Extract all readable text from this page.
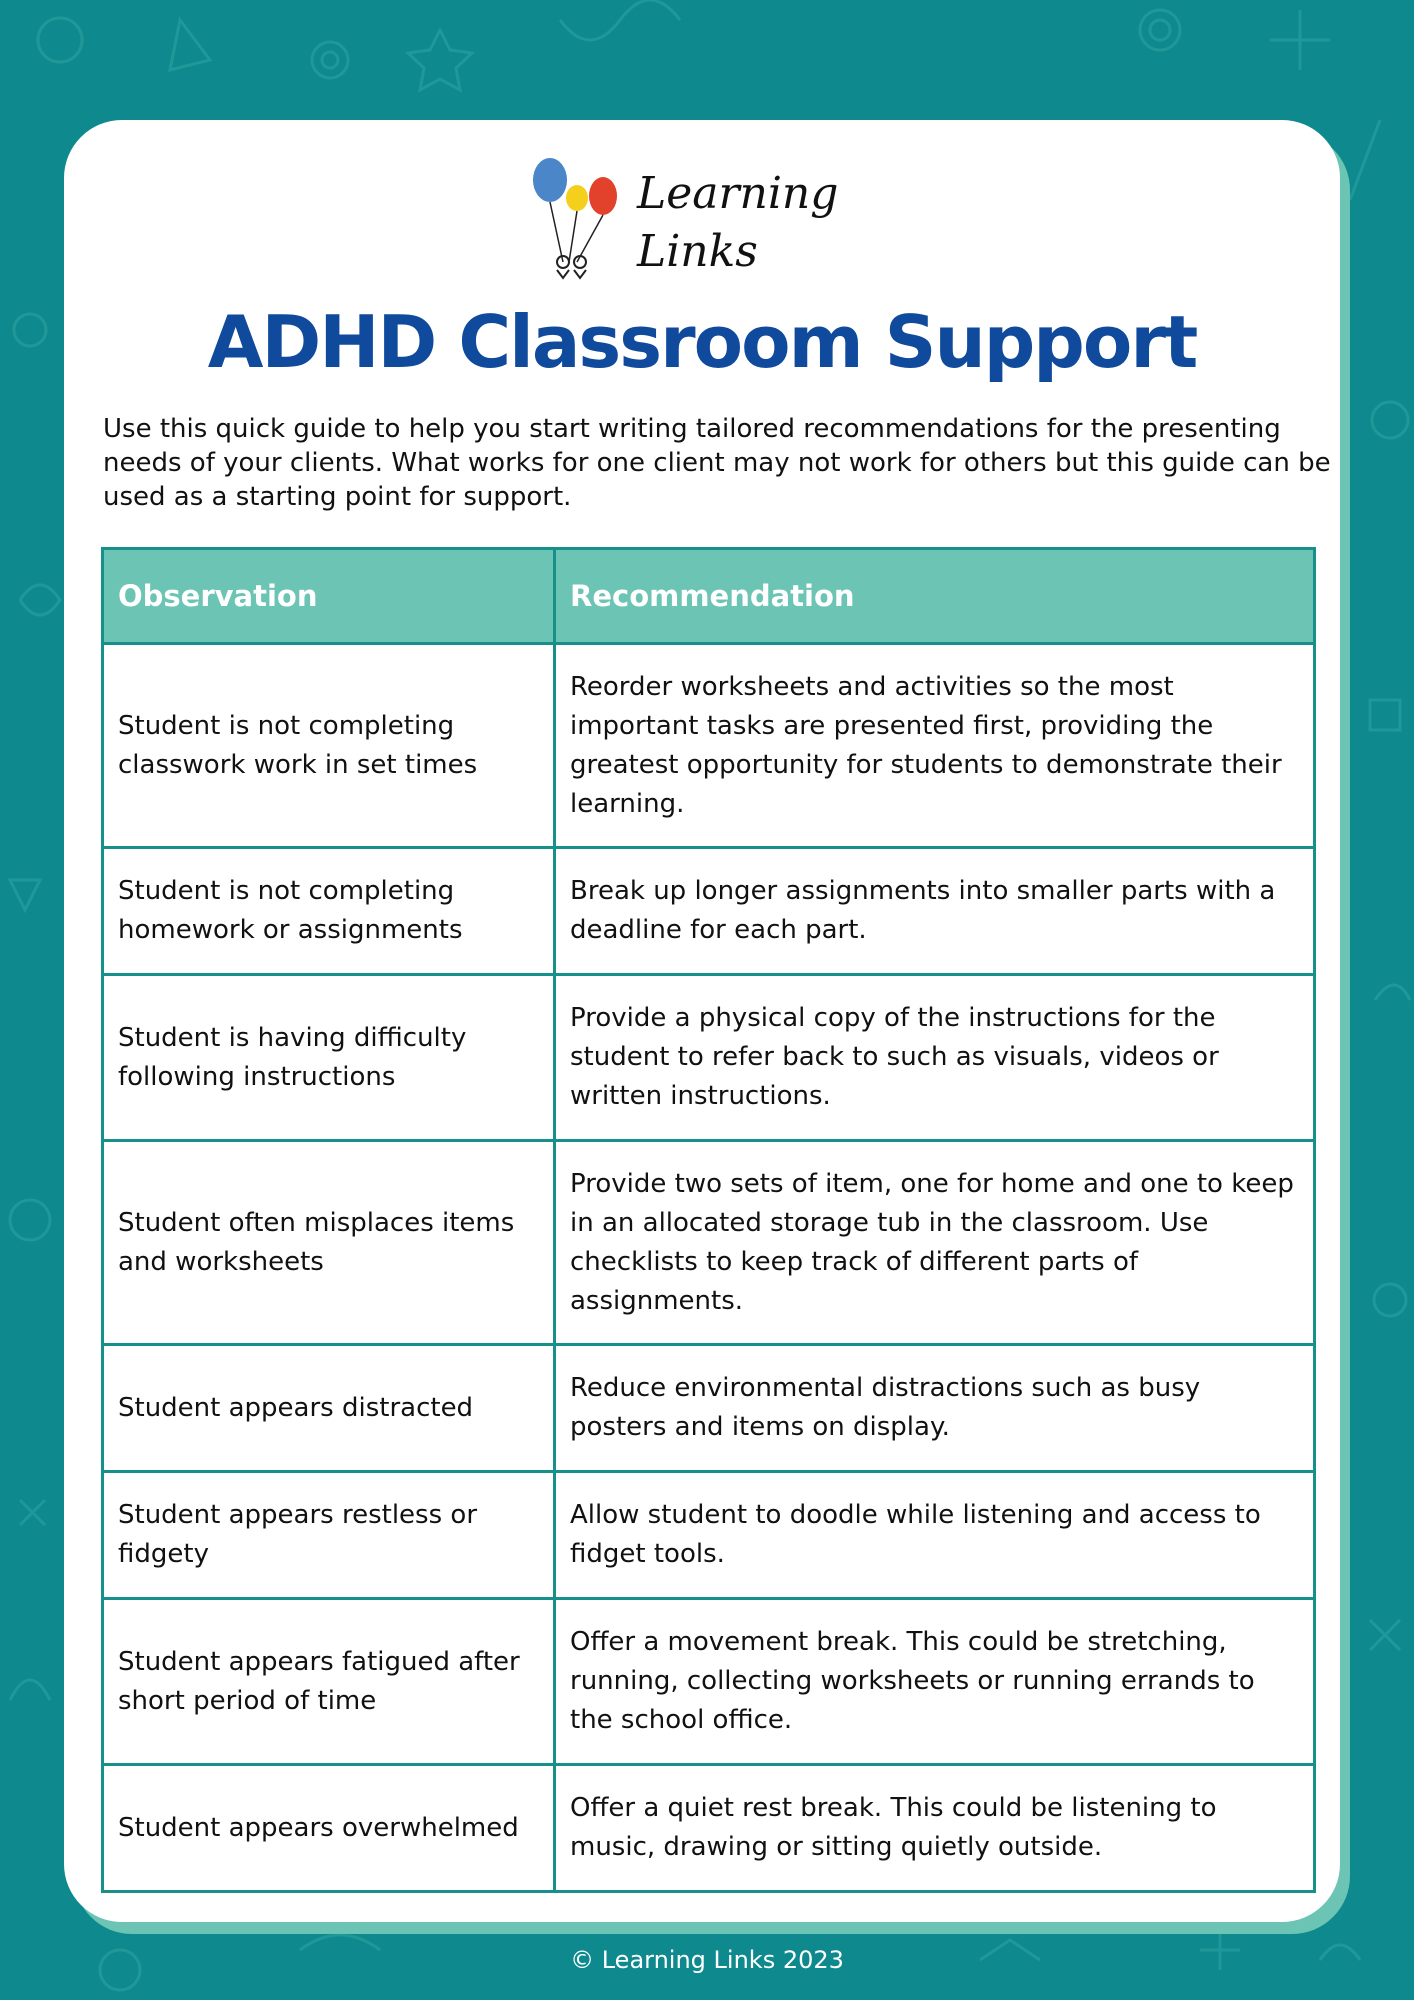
Learning
Links
ADHD Classroom Support

Use this quick guide to help you start writing tailored recommendations for the presenting needs of your clients. What works for one client may not work for others but this guide can be used as a starting point for support.

Observation	Recommendation
Student is not completing classwork work in set times	Reorder worksheets and activities so the most important tasks are presented first, providing the greatest opportunity for students to demonstrate their learning.
Student is not completing homework or assignments	Break up longer assignments into smaller parts with a deadline for each part.
Student is having difficulty following instructions	Provide a physical copy of the instructions for the student to refer back to such as visuals, videos or written instructions.
Student often misplaces items and worksheets	Provide two sets of item, one for home and one to keep in an allocated storage tub in the classroom. Use checklists to keep track of different parts of assignments.
Student appears distracted	Reduce environmental distractions such as busy posters and items on display.
Student appears restless or fidgety	Allow student to doodle while listening and access to fidget tools.
Student appears fatigued after short period of time	Offer a movement break. This could be stretching, running, collecting worksheets or running errands to the school office.
Student appears overwhelmed	Offer a quiet rest break. This could be listening to music, drawing or sitting quietly outside.
© Learning Links 2023
